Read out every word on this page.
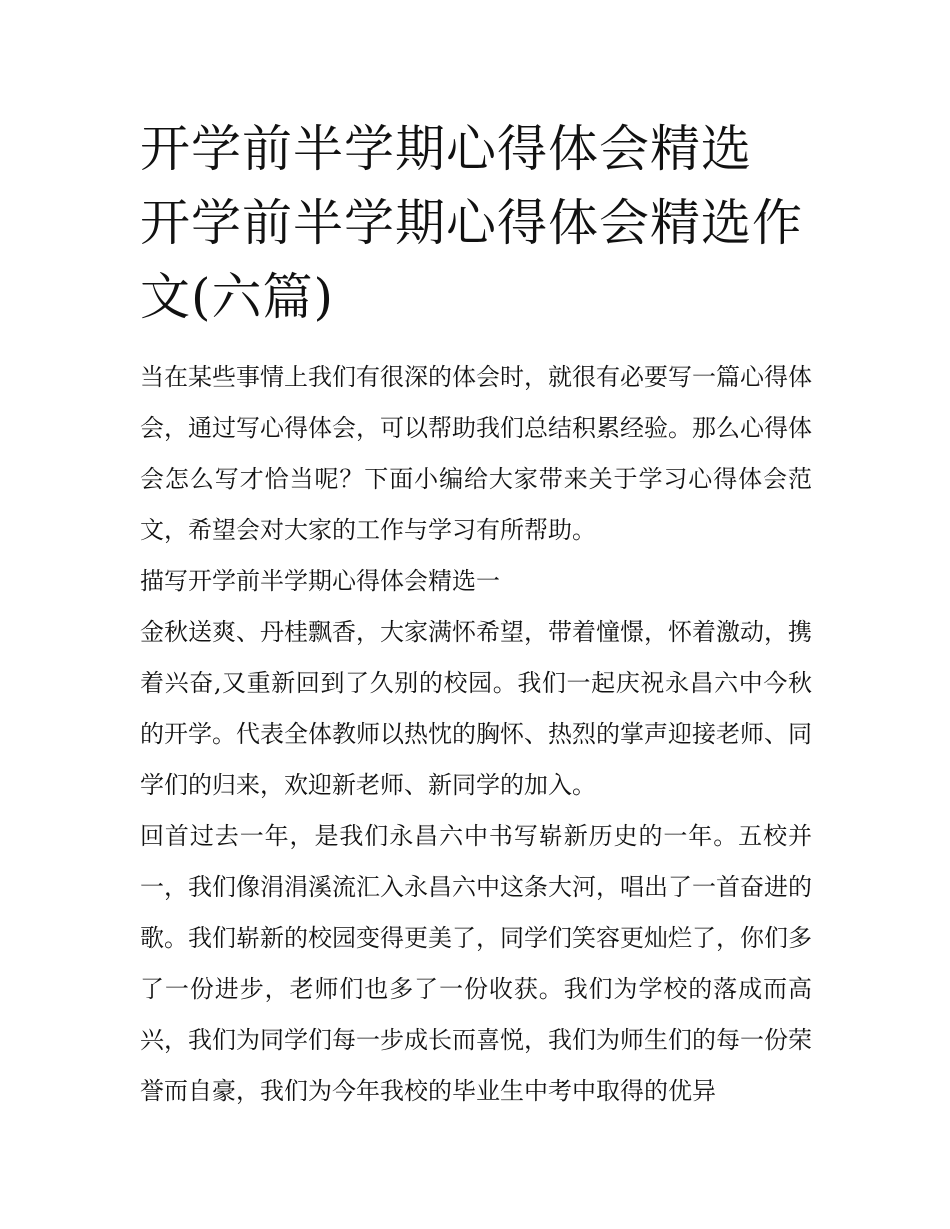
开学前半学期心得体会精选 开学前半学期心得体会精选作文(六篇)

当在某些事情上我们有很深的体会时，就很有必要写一篇心得体会，通过写心得体会，可以帮助我们总结积累经验。那么心得体会怎么写才恰当呢？下面小编给大家带来关于学习心得体会范文，希望会对大家的工作与学习有所帮助。

描写开学前半学期心得体会精选一

金秋送爽、丹桂飘香，大家满怀希望，带着憧憬，怀着激动，携着兴奋,又重新回到了久别的校园。我们一起庆祝永昌六中今秋的开学。代表全体教师以热忱的胸怀、热烈的掌声迎接老师、同学们的归来，欢迎新老师、新同学的加入。

回首过去一年，是我们永昌六中书写崭新历史的一年。五校并一，我们像涓涓溪流汇入永昌六中这条大河，唱出了一首奋进的歌。我们崭新的校园变得更美了，同学们笑容更灿烂了，你们多了一份进步，老师们也多了一份收获。我们为学校的落成而高兴，我们为同学们每一步成长而喜悦，我们为师生们的每一份荣誉而自豪，我们为今年我校的毕业生中考中取得的优异
